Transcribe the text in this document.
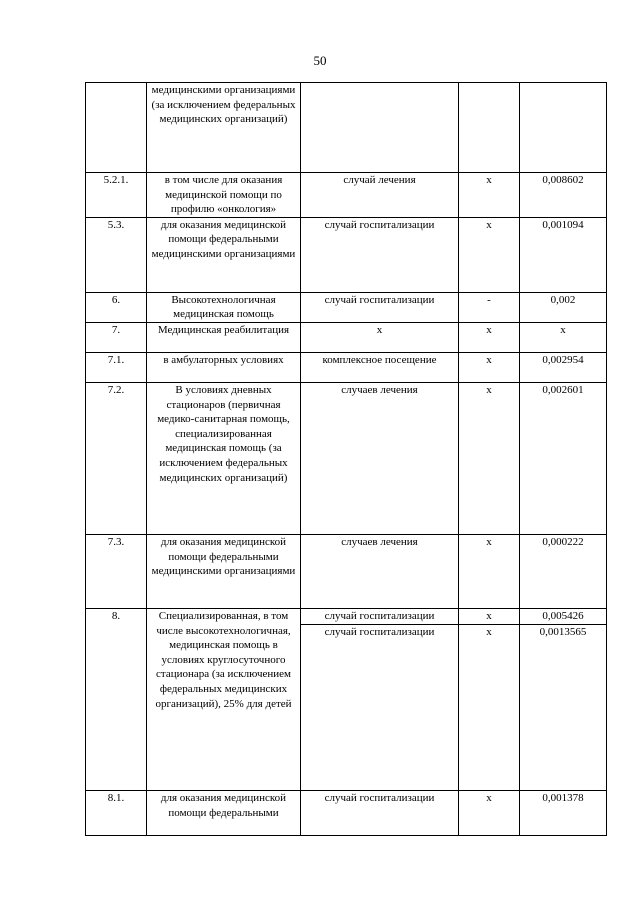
50
	медицинскими организациями (за исключением федеральных медицинских организаций)			
5.2.1.	в том числе для оказания медицинской помощи по профилю «онкология»	случай лечения	х	0,008602
5.3.	для оказания медицинской помощи федеральными медицинскими организациями	случай госпитализации	х	0,001094
6.	Высокотехнологичная медицинская помощь	случай госпитализации	-	0,002
7.	Медицинская реабилитация	х	х	х
7.1.	в амбулаторных условиях	комплексное посещение	х	0,002954
7.2.	В условиях дневных стационаров (первичная медико-санитарная помощь, специализированная медицинская помощь (за исключением федеральных медицинских организаций)	случаев лечения	х	0,002601
7.3.	для оказания медицинской помощи федеральными медицинскими организациями	случаев лечения	х	0,000222
8.	Специализированная, в том числе высокотехнологичная, медицинская помощь в условиях круглосуточного стационара (за исключением федеральных медицинских организаций), 25% для детей	случай госпитализации	х	0,005426
		случай госпитализации	х	0,0013565
8.1.	для оказания медицинской помощи федеральными	случай госпитализации	х	0,001378
